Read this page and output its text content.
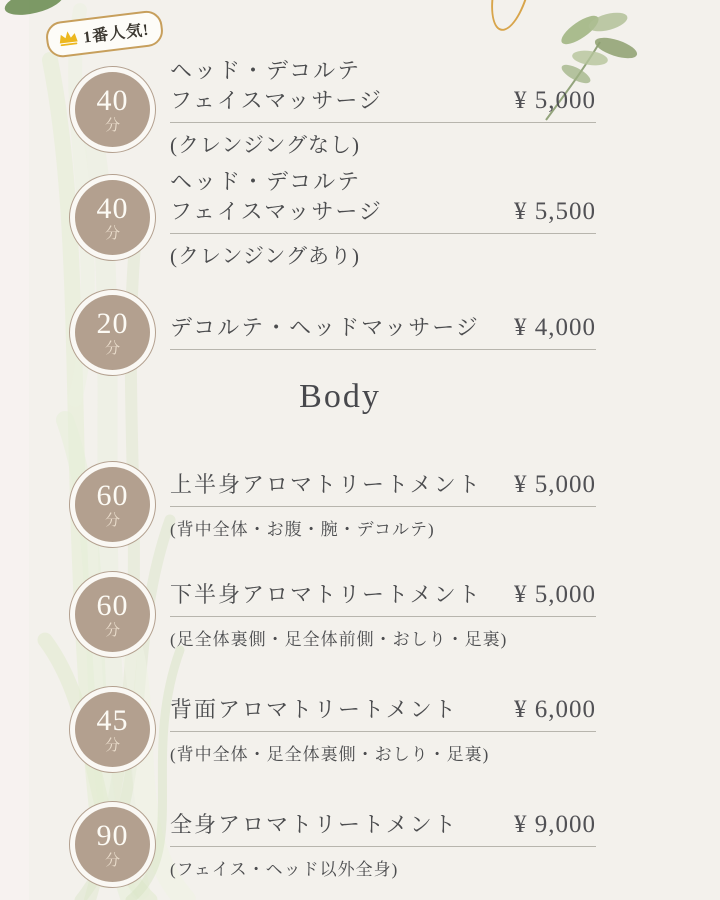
1番人気!
40
分
ヘッド・デコルテ
フェイスマッサージ	¥ 5,000
(クレンジングなし)
40
分
ヘッド・デコルテ
フェイスマッサージ	¥ 5,500
(クレンジングあり)
20
分
デコルテ・ヘッドマッサージ ¥ 4,000
Body
60
分
上半身アロマトリートメント ¥ 5,000
(背中全体・お腹・腕・デコルテ)
60
分
下半身アロマトリートメント ¥ 5,000
(足全体裏側・足全体前側・おしり・足裏)
45
分
背面アロマトリートメント ¥ 6,000
(背中全体・足全体裏側・おしり・足裏)
90
分
全身アロマトリートメント ¥ 9,000
(フェイス・ヘッド以外全身)
